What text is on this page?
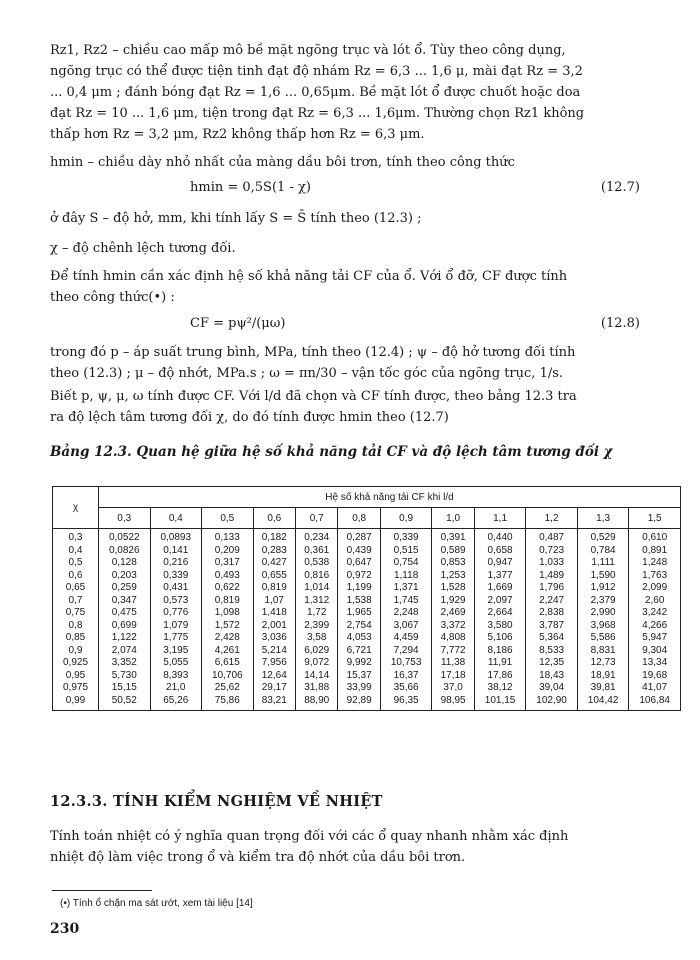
Rz1, Rz2 – chiều cao mấp mô bề mặt ngõng trục và lót ổ. Tùy theo công dụng,
ngõng trục có thể được tiện tinh đạt độ nhám Rz = 6,3 ... 1,6 μ, mài đạt Rz = 3,2
... 0,4 μm ; đánh bóng đạt Rz = 1,6 ... 0,65μm. Bề mặt lót ổ được chuốt hoặc doa
đạt Rz = 10 ... 1,6 μm, tiện trong đạt Rz = 6,3 ... 1,6μm. Thường chọn Rz1 không
thấp hơn Rz = 3,2 μm, Rz2 không thấp hơn Rz = 6,3 μm.
hmin – chiều dày nhỏ nhất của màng dầu bôi trơn, tính theo công thức
hmin = 0,5S(1 - χ)	(12.7)
ở đây S – độ hở, mm, khi tính lấy S = S̄ tính theo (12.3) ;
χ – độ chênh lệch tương đối.
Để tính hmin cần xác định hệ số khả năng tải CF của ổ. Với ổ đỡ, CF được tính
theo công thức(•) :
CF = pψ²/(μω)	(12.8)
trong đó p – áp suất trung bình, MPa, tính theo (12.4) ; ψ – độ hở tương đối tính
theo (12.3) ; μ – độ nhớt, MPa.s ; ω = πn/30 – vận tốc góc của ngõng trục, 1/s.
Biết p, ψ, μ, ω tính được CF. Với l/d đã chọn và CF tính được, theo bảng 12.3 tra
ra độ lệch tâm tương đối χ, do đó tính được hmin theo (12.7)
Bảng 12.3. Quan hệ giữa hệ số khả năng tải CF và độ lệch tâm tương đối χ
χ	Hệ số khả năng tải CF khi l/d											
	0,3	0,4	0,5	0,6	0,7	0,8	0,9	1,0	1,1	1,2	1,3	1,5
0,3	0,0522	0,0893	0,133	0,182	0,234	0,287	0,339	0,391	0,440	0,487	0,529	0,610
0,4	0,0826	0,141	0,209	0,283	0,361	0,439	0,515	0,589	0,658	0,723	0,784	0,891
0,5	0,128	0,216	0,317	0,427	0,538	0,647	0,754	0,853	0,947	1,033	1,111	1,248
0,6	0,203	0,339	0,493	0,655	0,816	0,972	1,118	1,253	1,377	1,489	1,590	1,763
0,65	0,259	0,431	0,622	0,819	1,014	1,199	1,371	1,528	1,669	1,796	1,912	2,099
0,7	0,347	0,573	0,819	1,07	1,312	1,538	1,745	1,929	2,097	2,247	2,379	2,60
0,75	0,475	0,776	1,098	1,418	1,72	1,965	2,248	2,469	2,664	2,838	2,990	3,242
0,8	0,699	1,079	1,572	2,001	2,399	2,754	3,067	3,372	3,580	3,787	3,968	4,266
0,85	1,122	1,775	2,428	3,036	3,58	4,053	4,459	4,808	5,106	5,364	5,586	5,947
0,9	2,074	3,195	4,261	5,214	6,029	6,721	7,294	7,772	8,186	8,533	8,831	9,304
0,925	3,352	5,055	6,615	7,956	9,072	9,992	10,753	11,38	11,91	12,35	12,73	13,34
0,95	5,730	8,393	10,706	12,64	14,14	15,37	16,37	17,18	17,86	18,43	18,91	19,68
0,975	15,15	21,0	25,62	29,17	31,88	33,99	35,66	37,0	38,12	39,04	39,81	41,07
0,99	50,52	65,26	75,86	83,21	88,90	92,89	96,35	98,95	101,15	102,90	104,42	106,84
12.3.3. TÍNH KIỂM NGHIỆM VỀ NHIỆT
Tính toán nhiệt có ý nghĩa quan trọng đối với các ổ quay nhanh nhằm xác định
nhiệt độ làm việc trong ổ và kiểm tra độ nhớt của dầu bôi trơn.
(•) Tính ổ chặn ma sát ướt, xem tài liệu [14]
230
